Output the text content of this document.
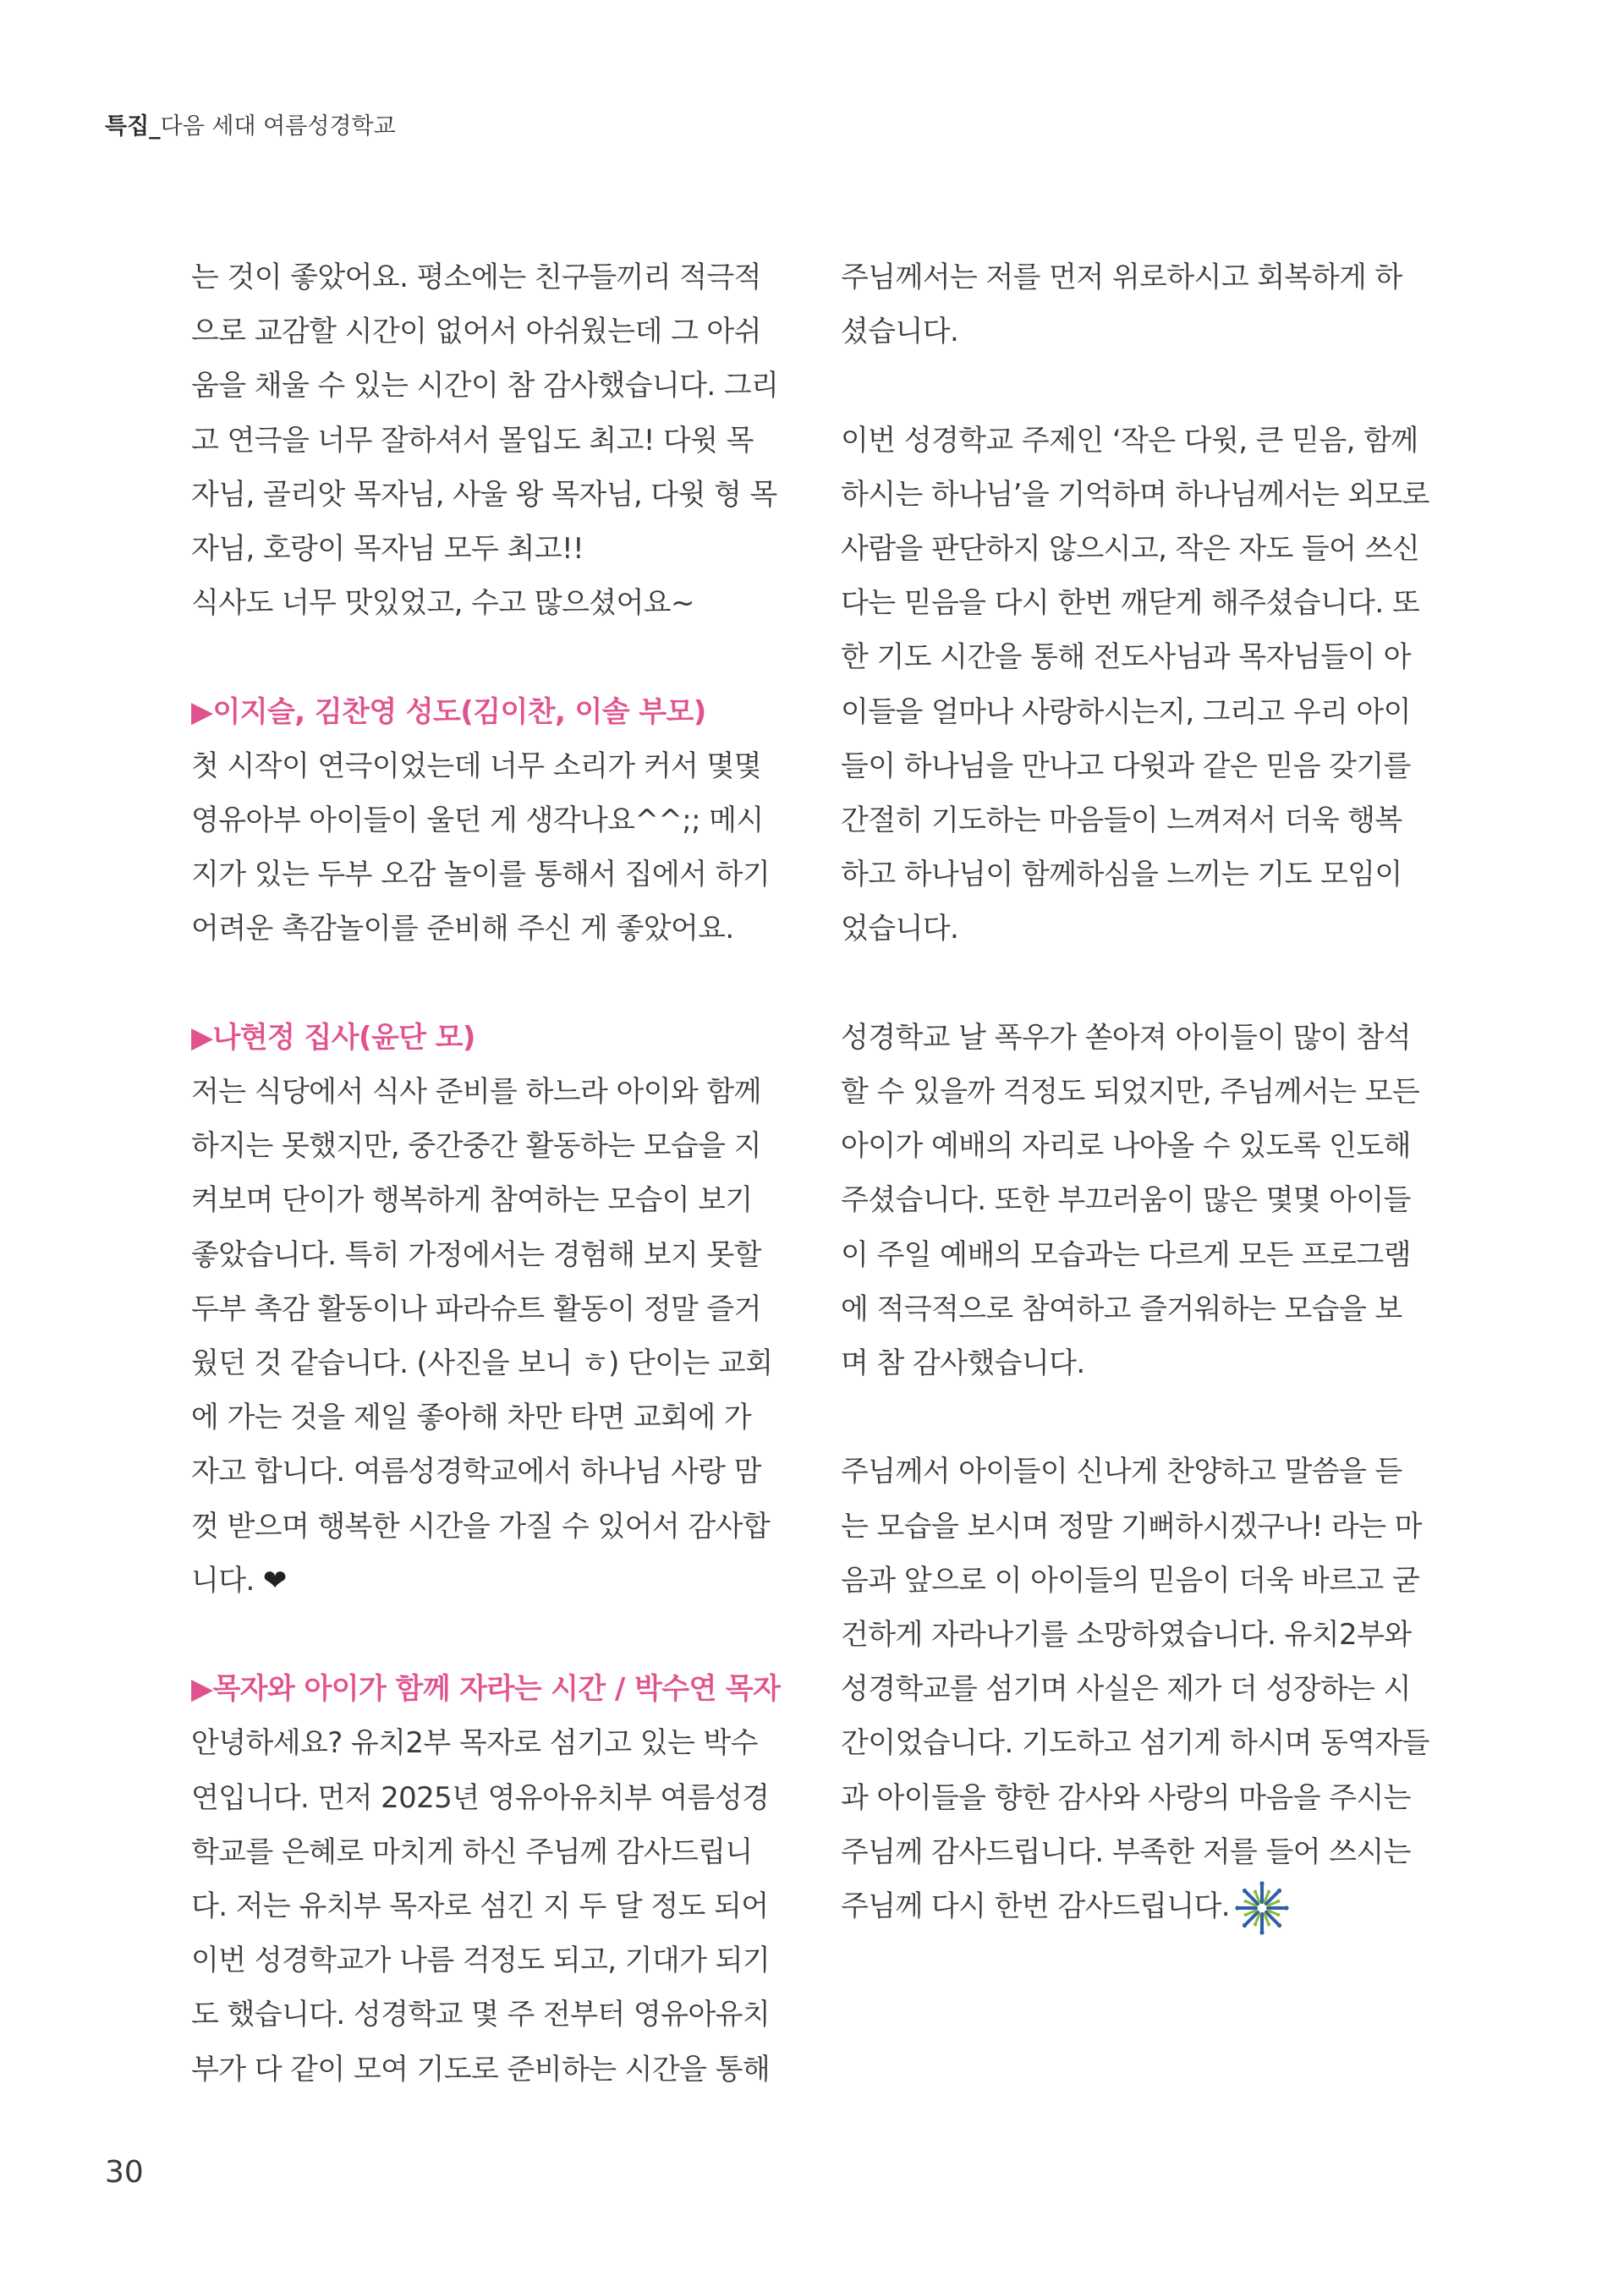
특집_다음 세대 여름성경학교

는 것이 좋았어요. 평소에는 친구들끼리 적극적

으로 교감할 시간이 없어서 아쉬웠는데 그 아쉬

움을 채울 수 있는 시간이 참 감사했습니다. 그리

고 연극을 너무 잘하셔서 몰입도 최고! 다윗 목

자님, 골리앗 목자님, 사울 왕 목자님, 다윗 형 목

자님, 호랑이 목자님 모두 최고!!

식사도 너무 맛있었고, 수고 많으셨어요~

▶이지슬, 김찬영 성도(김이찬, 이솔 부모)

첫 시작이 연극이었는데 너무 소리가 커서 몇몇

영유아부 아이들이 울던 게 생각나요^^;; 메시

지가 있는 두부 오감 놀이를 통해서 집에서 하기

어려운 촉감놀이를 준비해 주신 게 좋았어요.

▶나현정 집사(윤단 모)

저는 식당에서 식사 준비를 하느라 아이와 함께

하지는 못했지만, 중간중간 활동하는 모습을 지

켜보며 단이가 행복하게 참여하는 모습이 보기

좋았습니다. 특히 가정에서는 경험해 보지 못할

두부 촉감 활동이나 파라슈트 활동이 정말 즐거

웠던 것 같습니다. (사진을 보니 ㅎ) 단이는 교회

에 가는 것을 제일 좋아해 차만 타면 교회에 가

자고 합니다. 여름성경학교에서 하나님 사랑 맘

껏 받으며 행복한 시간을 가질 수 있어서 감사합

니다. ❤

▶목자와 아이가 함께 자라는 시간 / 박수연 목자

안녕하세요? 유치2부 목자로 섬기고 있는 박수

연입니다. 먼저 2025년 영유아유치부 여름성경

학교를 은혜로 마치게 하신 주님께 감사드립니

다. 저는 유치부 목자로 섬긴 지 두 달 정도 되어

이번 성경학교가 나름 걱정도 되고, 기대가 되기

도 했습니다. 성경학교 몇 주 전부터 영유아유치

부가 다 같이 모여 기도로 준비하는 시간을 통해

주님께서는 저를 먼저 위로하시고 회복하게 하

셨습니다.

이번 성경학교 주제인 ‘작은 다윗, 큰 믿음, 함께

하시는 하나님’을 기억하며 하나님께서는 외모로

사람을 판단하지 않으시고, 작은 자도 들어 쓰신

다는 믿음을 다시 한번 깨닫게 해주셨습니다. 또

한 기도 시간을 통해 전도사님과 목자님들이 아

이들을 얼마나 사랑하시는지, 그리고 우리 아이

들이 하나님을 만나고 다윗과 같은 믿음 갖기를

간절히 기도하는 마음들이 느껴져서 더욱 행복

하고 하나님이 함께하심을 느끼는 기도 모임이

었습니다.

성경학교 날 폭우가 쏟아져 아이들이 많이 참석

할 수 있을까 걱정도 되었지만, 주님께서는 모든

아이가 예배의 자리로 나아올 수 있도록 인도해

주셨습니다. 또한 부끄러움이 많은 몇몇 아이들

이 주일 예배의 모습과는 다르게 모든 프로그램

에 적극적으로 참여하고 즐거워하는 모습을 보

며 참 감사했습니다.

주님께서 아이들이 신나게 찬양하고 말씀을 듣

는 모습을 보시며 정말 기뻐하시겠구나! 라는 마

음과 앞으로 이 아이들의 믿음이 더욱 바르고 굳

건하게 자라나기를 소망하였습니다. 유치2부와

성경학교를 섬기며 사실은 제가 더 성장하는 시

간이었습니다. 기도하고 섬기게 하시며 동역자들

과 아이들을 향한 감사와 사랑의 마음을 주시는

주님께 감사드립니다. 부족한 저를 들어 쓰시는

주님께 다시 한번 감사드립니다.

30
